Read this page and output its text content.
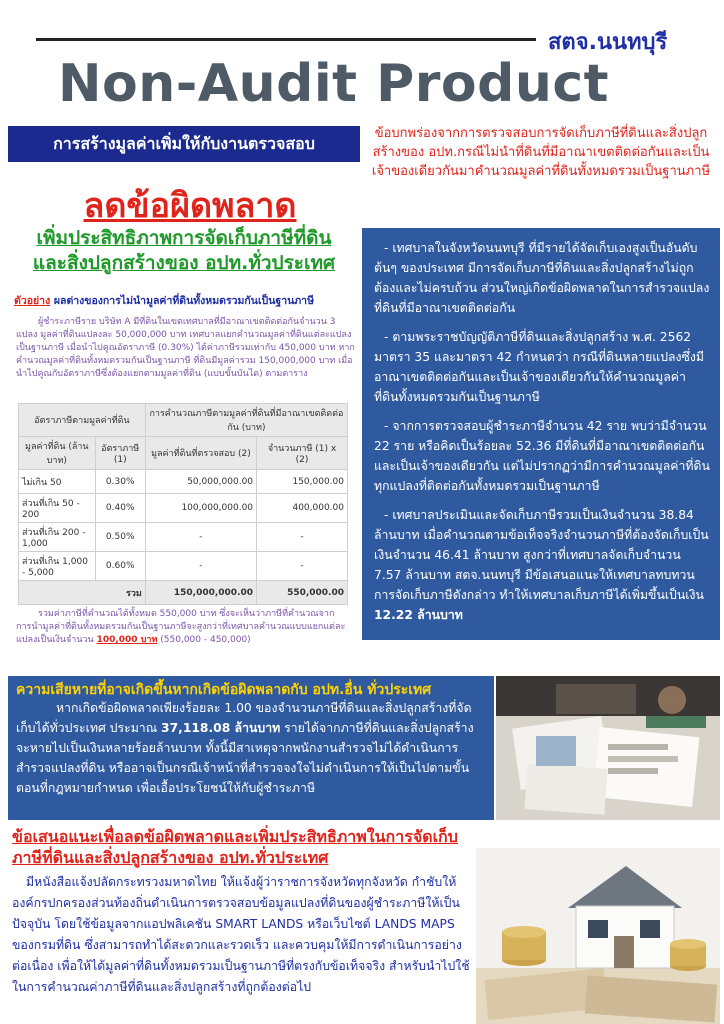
สตจ.นนทบุรี
Non-Audit Product
การสร้างมูลค่าเพิ่มให้กับงานตรวจสอบ	ข้อบกพร่องจากการตรวจสอบการจัดเก็บภาษีที่ดินและสิ่งปลูกสร้างของ อปท.กรณีไม่นำที่ดินที่มีอาณาเขตติดต่อกันและเป็นเจ้าของเดียวกันมาคำนวณมูลค่าที่ดินทั้งหมดรวมเป็นฐานภาษี
ลดข้อผิดพลาด
เพิ่มประสิทธิภาพการจัดเก็บภาษีที่ดิน
และสิ่งปลูกสร้างของ อปท.ทั่วประเทศ
ตัวอย่าง ผลต่างของการไม่นำมูลค่าที่ดินทั้งหมดรวมกันเป็นฐานภาษี
ผู้ชำระภาษีราย บริษัท A มีที่ดินในเขตเทศบาลที่มีอาณาเขตติดต่อกันจำนวน 3 แปลง มูลค่าที่ดินแปลงละ 50,000,000 บาท เทศบาลแยกคำนวณมูลค่าที่ดินแต่ละแปลงเป็นฐานภาษี เมื่อนำไปคูณอัตราภาษี (0.30%) ได้ค่าภาษีรวมเท่ากับ 450,000 บาท หากคำนวณมูลค่าที่ดินทั้งหมดรวมกันเป็นฐานภาษี ที่ดินมีมูลค่ารวม 150,000,000 บาท เมื่อนำไปคูณกับอัตราภาษีซึ่งต้องแยกตามมูลค่าที่ดิน (แบบขั้นบันได) ตามตาราง
อัตราภาษีตามมูลค่าที่ดิน		การคำนวณภาษีตามมูลค่าที่ดินที่มีอาณาเขตติดต่อกัน (บาท)	
มูลค่าที่ดิน (ล้านบาท)	อัตราภาษี (1)	มูลค่าที่ดินที่ตรวจสอบ (2)	จำนวนภาษี (1) x (2)
ไม่เกิน 50	0.30%	50,000,000.00	150,000.00
ส่วนที่เกิน 50 - 200	0.40%	100,000,000.00	400,000.00
ส่วนที่เกิน 200 - 1,000	0.50%	-	-
ส่วนที่เกิน 1,000 - 5,000	0.60%	-	-
รวม		150,000,000.00	550,000.00
รวมค่าภาษีที่คำนวณได้ทั้งหมด 550,000 บาท ซึ่งจะเห็นว่าภาษีที่คำนวณจากการนำมูลค่าที่ดินทั้งหมดรวมกันเป็นฐานภาษีจะสูงกว่าที่เทศบาลคำนวณแบบแยกแต่ละแปลงเป็นเงินจำนวน 100,000 บาท (550,000 - 450,000)

- เทศบาลในจังหวัดนนทบุรี ที่มีรายได้จัดเก็บเองสูงเป็นอันดับ ต้นๆ ของประเทศ มีการจัดเก็บภาษีที่ดินและสิ่งปลูกสร้างไม่ถูกต้องและไม่ครบถ้วน ส่วนใหญ่เกิดข้อผิดพลาดในการสำรวจแปลงที่ดินที่มีอาณาเขตติดต่อกัน

- ตามพระราชบัญญัติภาษีที่ดินและสิ่งปลูกสร้าง พ.ศ. 2562 มาตรา 35 และมาตรา 42 กำหนดว่า กรณีที่ดินหลายแปลงซึ่งมีอาณาเขตติดต่อกันและเป็นเจ้าของเดียวกันให้คำนวณมูลค่าที่ดินทั้งหมดรวมกันเป็นฐานภาษี

- จากการตรวจสอบผู้ชำระภาษีจำนวน 42 ราย พบว่ามีจำนวน 22 ราย หรือคิดเป็นร้อยละ 52.36 มีที่ดินที่มีอาณาเขตติดต่อกันและเป็นเจ้าของเดียวกัน แต่ไม่ปรากฏว่ามีการคำนวณมูลค่าที่ดินทุกแปลงที่ติดต่อกันทั้งหมดรวมเป็นฐานภาษี

- เทศบาลประเมินและจัดเก็บภาษีรวมเป็นเงินจำนวน 38.84 ล้านบาท เมื่อคำนวณตามข้อเท็จจริงจำนวนภาษีที่ต้องจัดเก็บเป็นเงินจำนวน 46.41 ล้านบาท สูงกว่าที่เทศบาลจัดเก็บจำนวน 7.57 ล้านบาท สตจ.นนทบุรี มีข้อเสนอแนะให้เทศบาลทบทวนการจัดเก็บภาษีดังกล่าว ทำให้เทศบาลเก็บภาษีได้เพิ่มขึ้นเป็นเงิน 12.22 ล้านบาท

ความเสียหายที่อาจเกิดขึ้นหากเกิดข้อผิดพลาดกับ อปท.อื่น ทั่วประเทศ
หากเกิดข้อผิดพลาดเพียงร้อยละ 1.00 ของจำนวนภาษีที่ดินและสิ่งปลูกสร้างที่จัดเก็บได้ทั่วประเทศ ประมาณ 37,118.08 ล้านบาท รายได้จากภาษีที่ดินและสิ่งปลูกสร้างจะหายไปเป็นเงินหลายร้อยล้านบาท ทั้งนี้มีสาเหตุจากพนักงานสำรวจไม่ได้ดำเนินการสำรวจแปลงที่ดิน หรืออาจเป็นกรณีเจ้าหน้าที่สำรวจจงใจไม่ดำเนินการให้เป็นไปตามขั้นตอนที่กฎหมายกำหนด เพื่อเอื้อประโยชน์ให้กับผู้ชำระภาษี
ข้อเสนอแนะเพื่อลดข้อผิดพลาดและเพิ่มประสิทธิภาพในการจัดเก็บภาษีที่ดินและสิ่งปลูกสร้างของ อปท.ทั่วประเทศ
มีหนังสือแจ้งปลัดกระทรวงมหาดไทย ให้แจ้งผู้ว่าราชการจังหวัดทุกจังหวัด กำชับให้องค์กรปกครองส่วนท้องถิ่นดำเนินการตรวจสอบข้อมูลแปลงที่ดินของผู้ชำระภาษีให้เป็นปัจจุบัน โดยใช้ข้อมูลจากแอปพลิเคชัน SMART LANDS หรือเว็บไซต์ LANDS MAPS ของกรมที่ดิน ซึ่งสามารถทำได้สะดวกและรวดเร็ว และควบคุมให้มีการดำเนินการอย่างต่อเนื่อง เพื่อให้ได้มูลค่าที่ดินทั้งหมดรวมเป็นฐานภาษีที่ตรงกับข้อเท็จจริง สำหรับนำไปใช้ในการคำนวณค่าภาษีที่ดินและสิ่งปลูกสร้างที่ถูกต้องต่อไป
